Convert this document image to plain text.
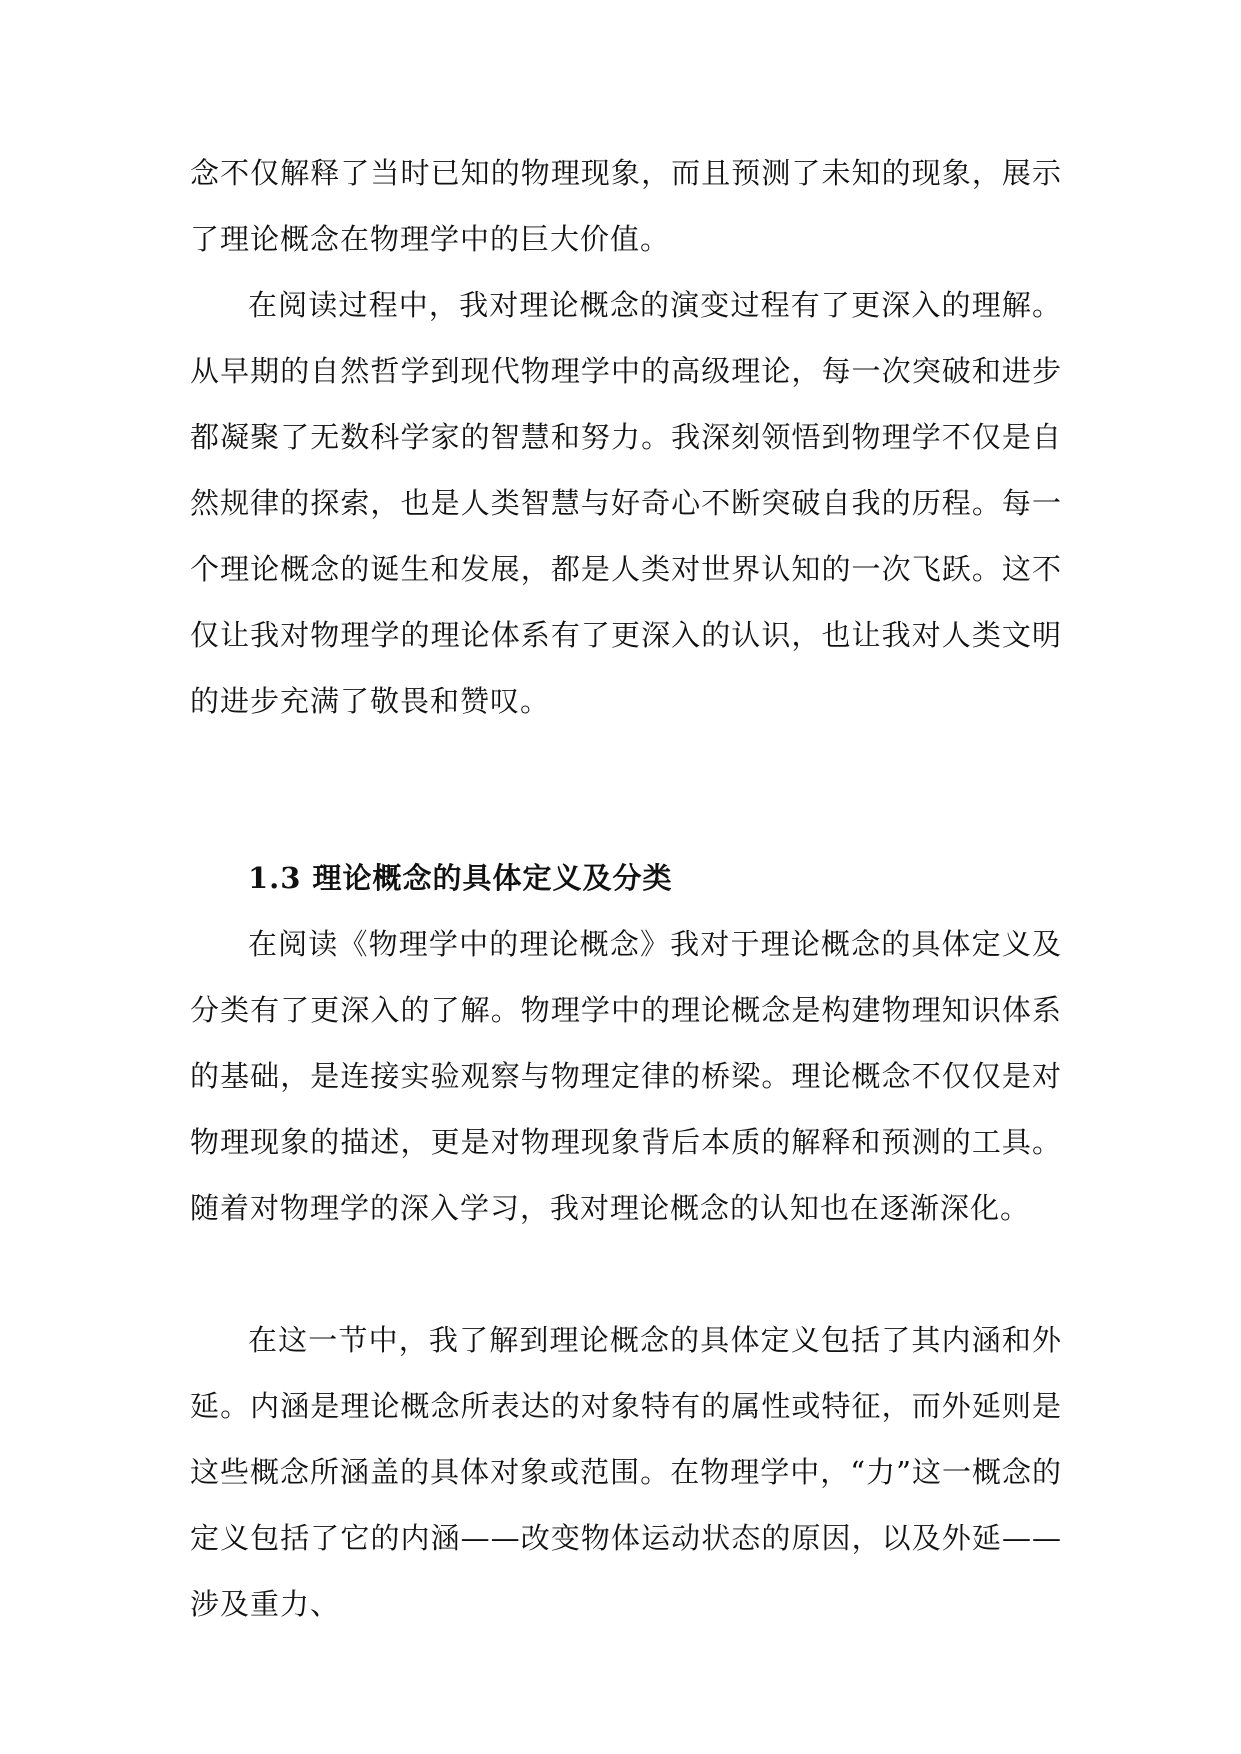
念不仅解释了当时已知的物理现象，而且预测了未知的现象，展示了理论概念在物理学中的巨大价值。

在阅读过程中，我对理论概念的演变过程有了更深入的理解。从早期的自然哲学到现代物理学中的高级理论，每一次突破和进步都凝聚了无数科学家的智慧和努力。我深刻领悟到物理学不仅是自然规律的探索，也是人类智慧与好奇心不断突破自我的历程。每一个理论概念的诞生和发展，都是人类对世界认知的一次飞跃。这不仅让我对物理学的理论体系有了更深入的认识，也让我对人类文明的进步充满了敬畏和赞叹。

1.3 理论概念的具体定义及分类

在阅读《物理学中的理论概念》我对于理论概念的具体定义及分类有了更深入的了解。物理学中的理论概念是构建物理知识体系的基础，是连接实验观察与物理定律的桥梁。理论概念不仅仅是对物理现象的描述，更是对物理现象背后本质的解释和预测的工具。随着对物理学的深入学习，我对理论概念的认知也在逐渐深化。

在这一节中，我了解到理论概念的具体定义包括了其内涵和外延。内涵是理论概念所表达的对象特有的属性或特征，而外延则是这些概念所涵盖的具体对象或范围。在物理学中，“力”这一概念的定义包括了它的内涵——改变物体运动状态的原因，以及外延——涉及重力、
